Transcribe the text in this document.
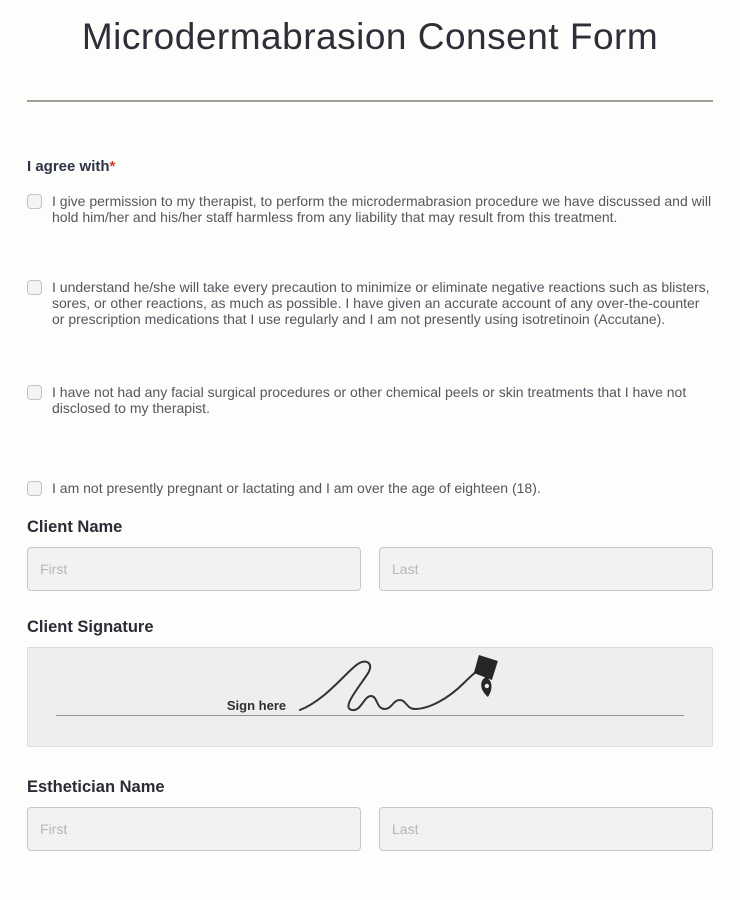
Microdermabrasion Consent Form
I agree with*
I give permission to my therapist, to perform the microdermabrasion procedure we have discussed and will hold him/her and his/her staff harmless from any liability that may result from this treatment.
I understand he/she will take every precaution to minimize or eliminate negative reactions such as blisters, sores, or other reactions, as much as possible. I have given an accurate account of any over-the-counter or prescription medications that I use regularly and I am not presently using isotretinoin (Accutane).
I have not had any facial surgical procedures or other chemical peels or skin treatments that I have not disclosed to my therapist.
I am not presently pregnant or lactating and I am over the age of eighteen (18).
Client Name
First
Last
Client Signature
Sign here
Esthetician Name
First
Last
